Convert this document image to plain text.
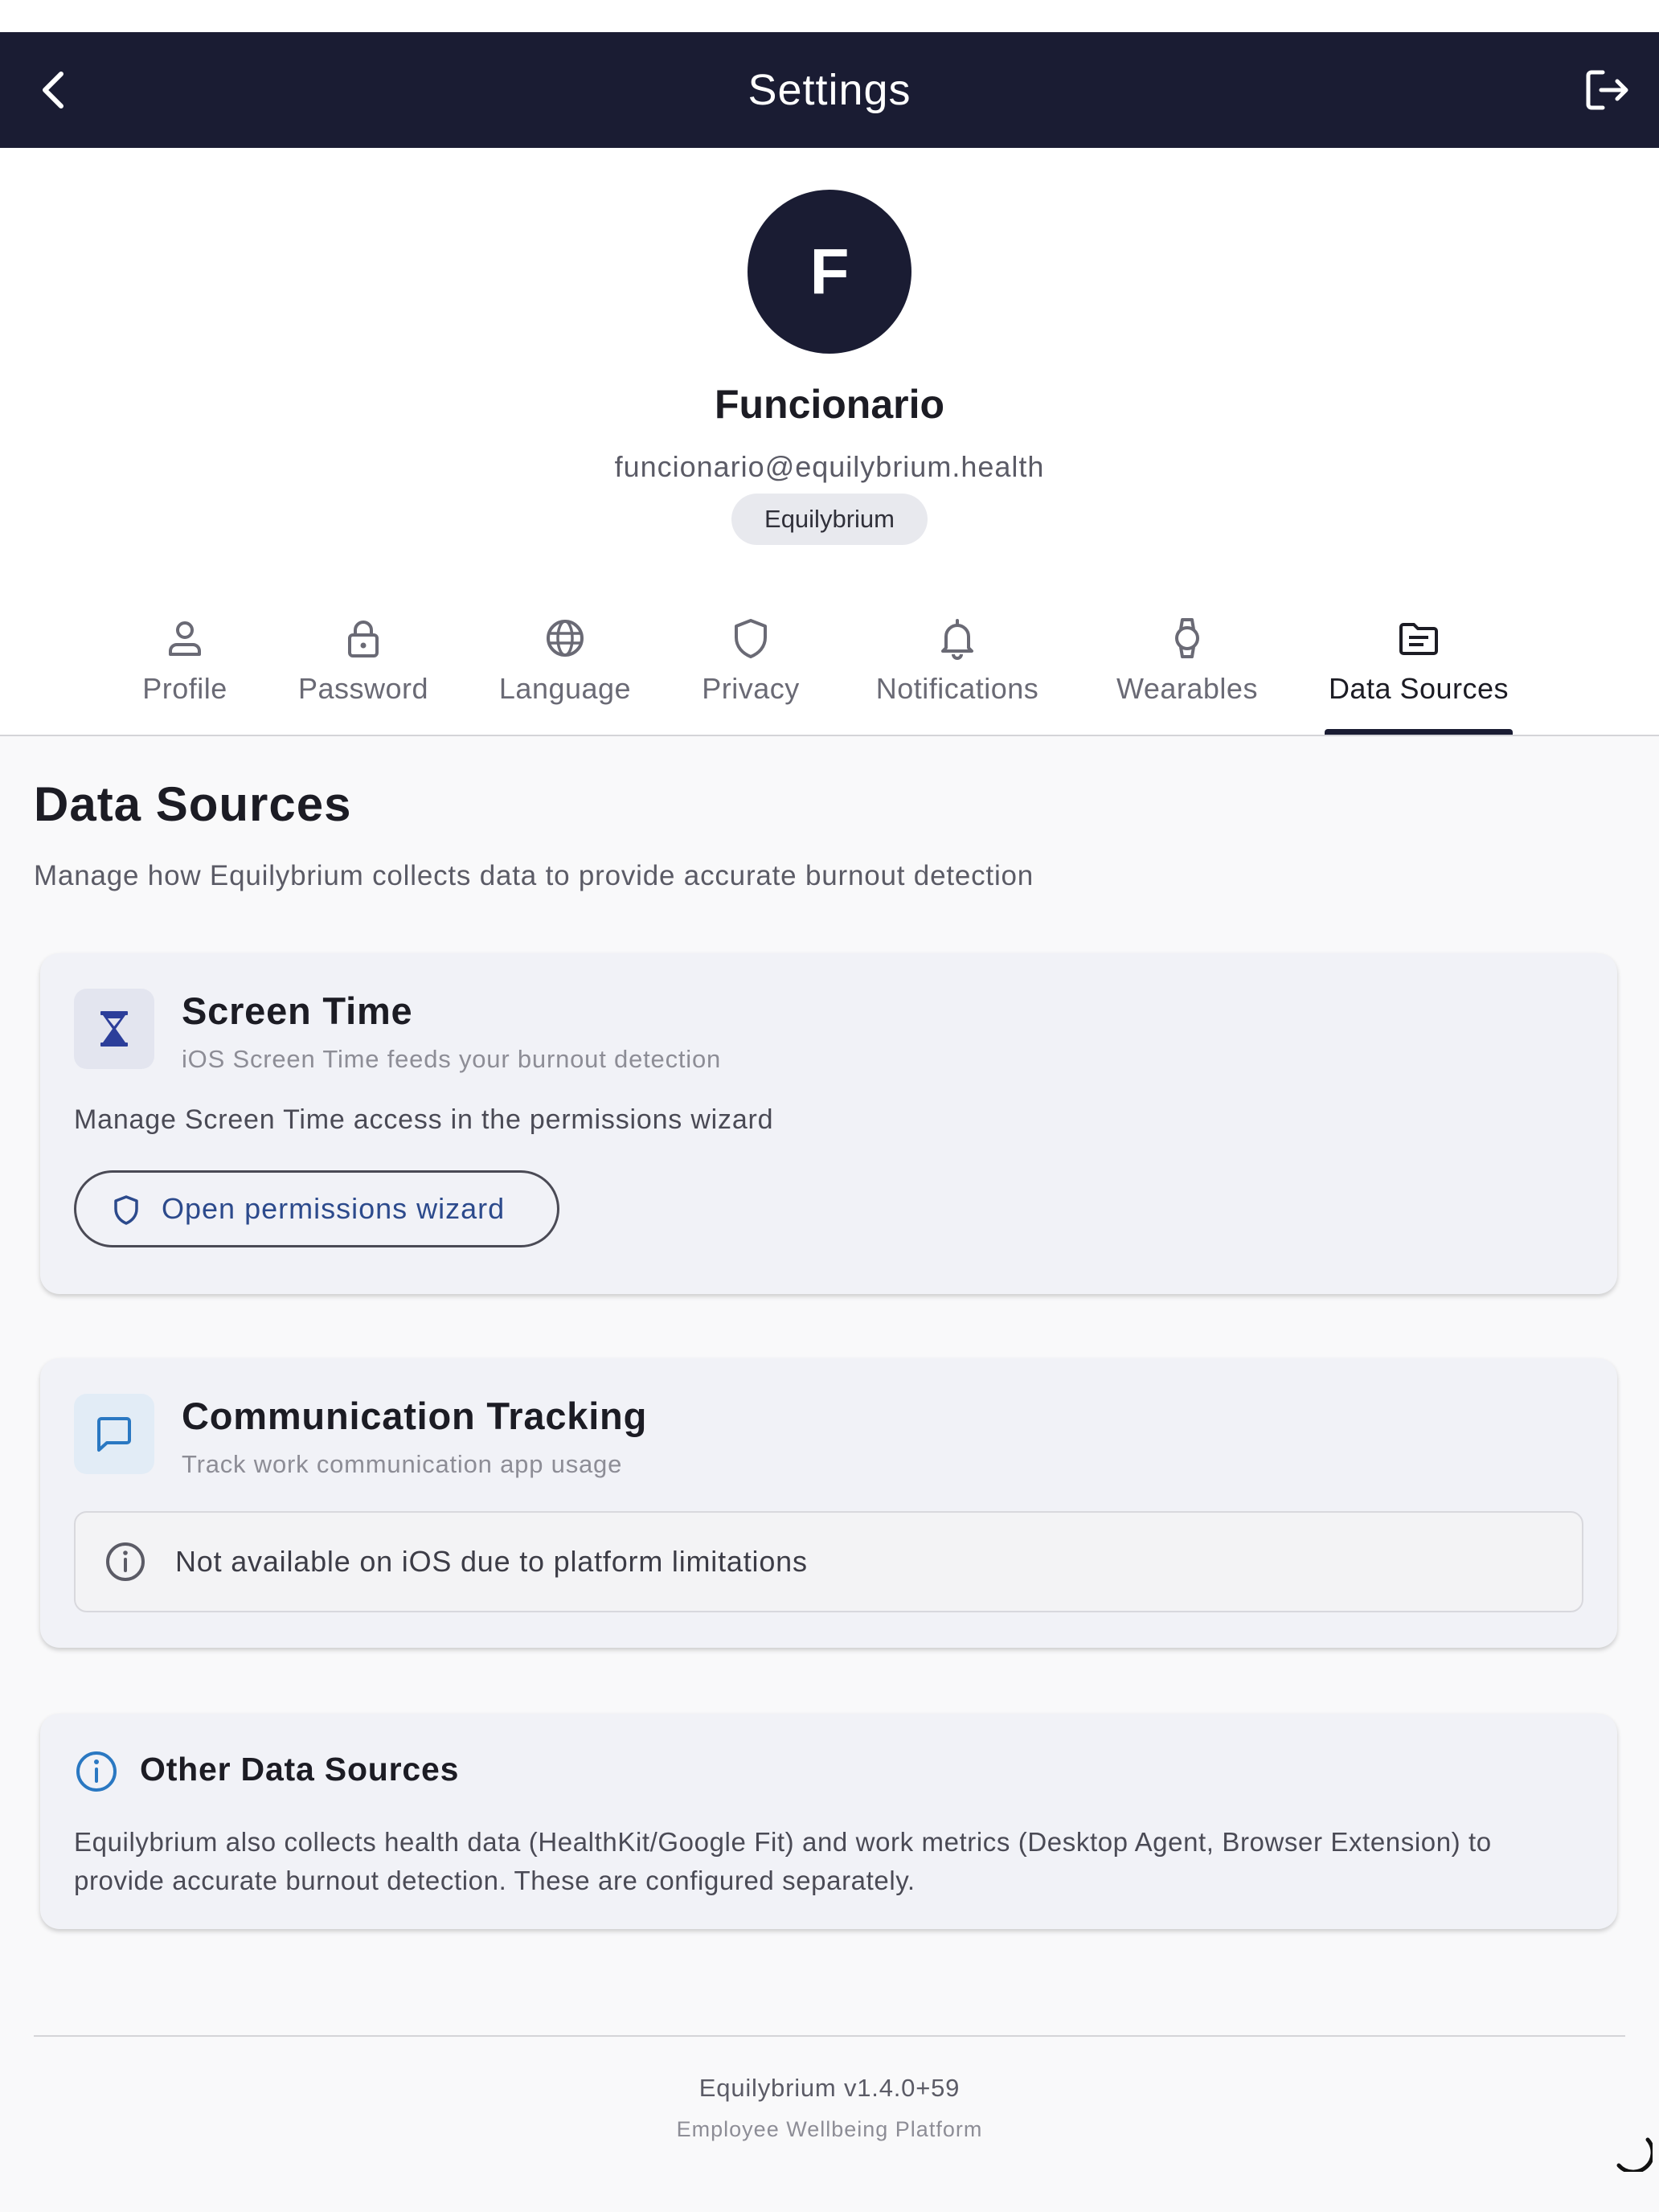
Settings
F
Funcionario
funcionario@equilybrium.health
Equilybrium
Profile	Password	Language	Privacy	Notifications	Wearables Data Sources
Data Sources
Manage how Equilybrium collects data to provide accurate burnout detection
Screen Time
iOS Screen Time feeds your burnout detection
Manage Screen Time access in the permissions wizard
Open permissions wizard
Communication Tracking
Track work communication app usage
Not available on iOS due to platform limitations
Other Data Sources
Equilybrium also collects health data (HealthKit/Google Fit) and work metrics (Desktop Agent, Browser Extension) to provide accurate burnout detection. These are configured separately.
Equilybrium v1.4.0+59
Employee Wellbeing Platform
